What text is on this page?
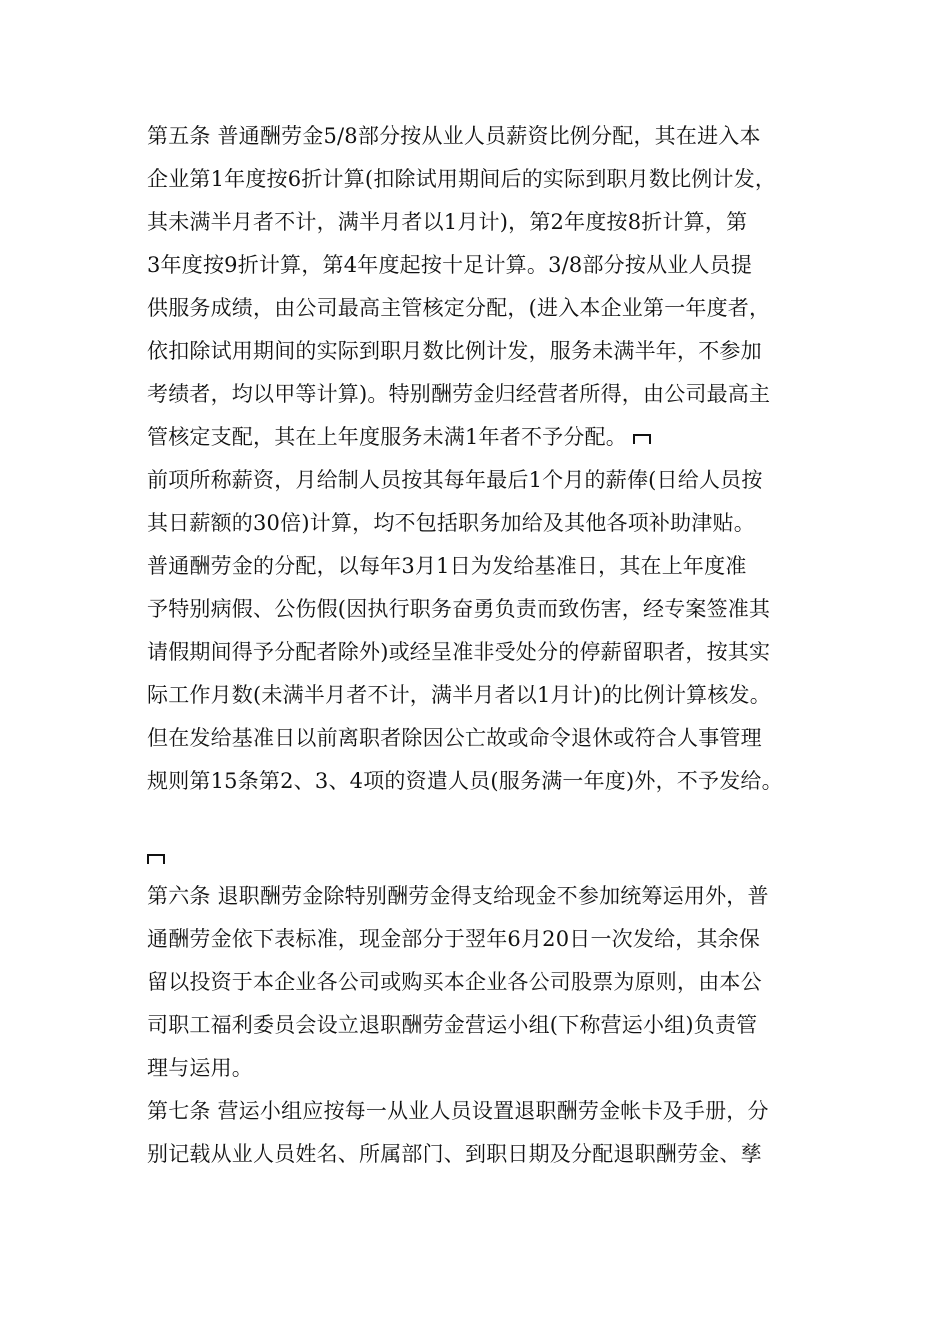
第五条 普通酬劳金5/8部分按从业人员薪资比例分配，其在进入本
企业第1年度按6折计算(扣除试用期间后的实际到职月数比例计发，
其未满半月者不计，满半月者以1月计)，第2年度按8折计算，第
3年度按9折计算，第4年度起按十足计算。3/8部分按从业人员提
供服务成绩，由公司最高主管核定分配，(进入本企业第一年度者，
依扣除试用期间的实际到职月数比例计发，服务未满半年，不参加
考绩者，均以甲等计算)。特别酬劳金归经营者所得，由公司最高主
管核定支配，其在上年度服务未满1年者不予分配。
前项所称薪资，月给制人员按其每年最后1个月的薪俸(日给人员按
其日薪额的30倍)计算，均不包括职务加给及其他各项补助津贴。
普通酬劳金的分配，以每年3月1日为发给基准日，其在上年度准
予特别病假、公伤假(因执行职务奋勇负责而致伤害，经专案签准其
请假期间得予分配者除外)或经呈准非受处分的停薪留职者，按其实
际工作月数(未满半月者不计，满半月者以1月计)的比例计算核发。
但在发给基准日以前离职者除因公亡故或命令退休或符合人事管理
规则第15条第2、3、4项的资遣人员(服务满一年度)外，不予发给。
第六条 退职酬劳金除特别酬劳金得支给现金不参加统筹运用外，普
通酬劳金依下表标准，现金部分于翌年6月20日一次发给，其余保
留以投资于本企业各公司或购买本企业各公司股票为原则，由本公
司职工福利委员会设立退职酬劳金营运小组(下称营运小组)负责管
理与运用。
第七条 营运小组应按每一从业人员设置退职酬劳金帐卡及手册，分
别记载从业人员姓名、所属部门、到职日期及分配退职酬劳金、孳
